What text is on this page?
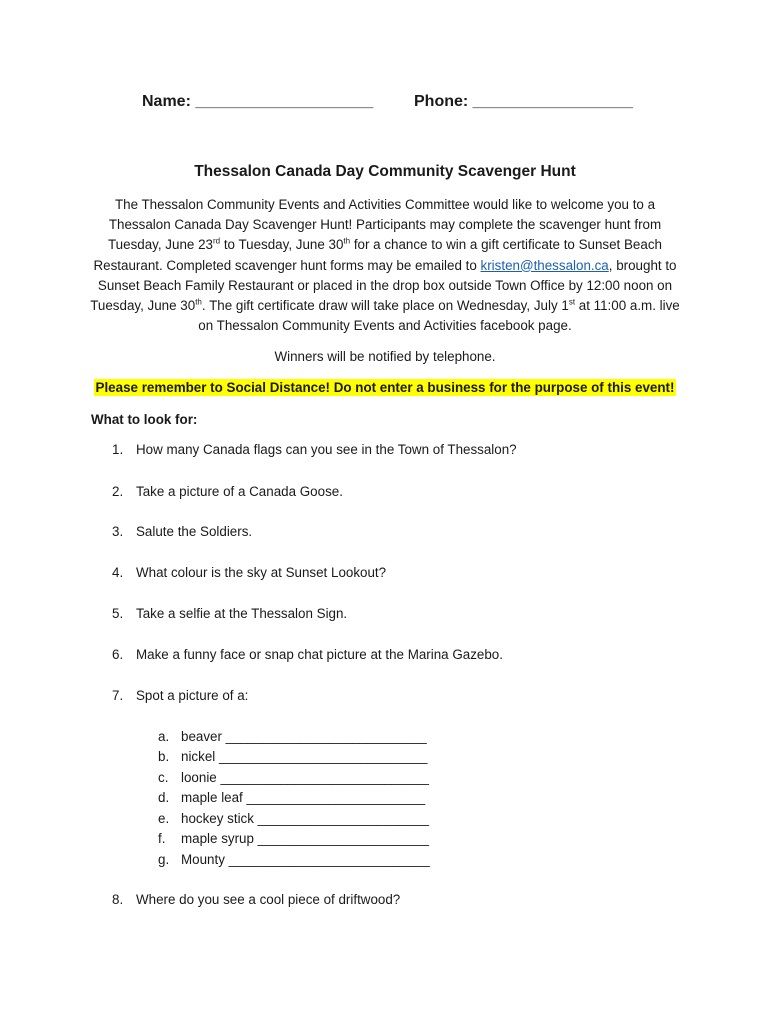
Name: ____________________	Phone: __________________
Thessalon Canada Day Community Scavenger Hunt
The Thessalon Community Events and Activities Committee would like to welcome you to a Thessalon Canada Day Scavenger Hunt! Participants may complete the scavenger hunt from Tuesday, June 23rd to Tuesday, June 30th for a chance to win a gift certificate to Sunset Beach Restaurant. Completed scavenger hunt forms may be emailed to kristen@thessalon.ca, brought to Sunset Beach Family Restaurant or placed in the drop box outside Town Office by 12:00 noon on Tuesday, June 30th. The gift certificate draw will take place on Wednesday, July 1st at 11:00 a.m. live on Thessalon Community Events and Activities facebook page.
Winners will be notified by telephone.
Please remember to Social Distance! Do not enter a business for the purpose of this event!
What to look for:
1. How many Canada flags can you see in the Town of Thessalon?
2. Take a picture of a Canada Goose.
3. Salute the Soldiers.
4. What colour is the sky at Sunset Lookout?
5. Take a selfie at the Thessalon Sign.
6. Make a funny face or snap chat picture at the Marina Gazebo.
7. Spot a picture of a:
a. beaver ___________________________
b. nickel ____________________________
c. loonie ____________________________
d. maple leaf ________________________
e. hockey stick _______________________
f. maple syrup _______________________
g. Mounty ___________________________
8. Where do you see a cool piece of driftwood?
